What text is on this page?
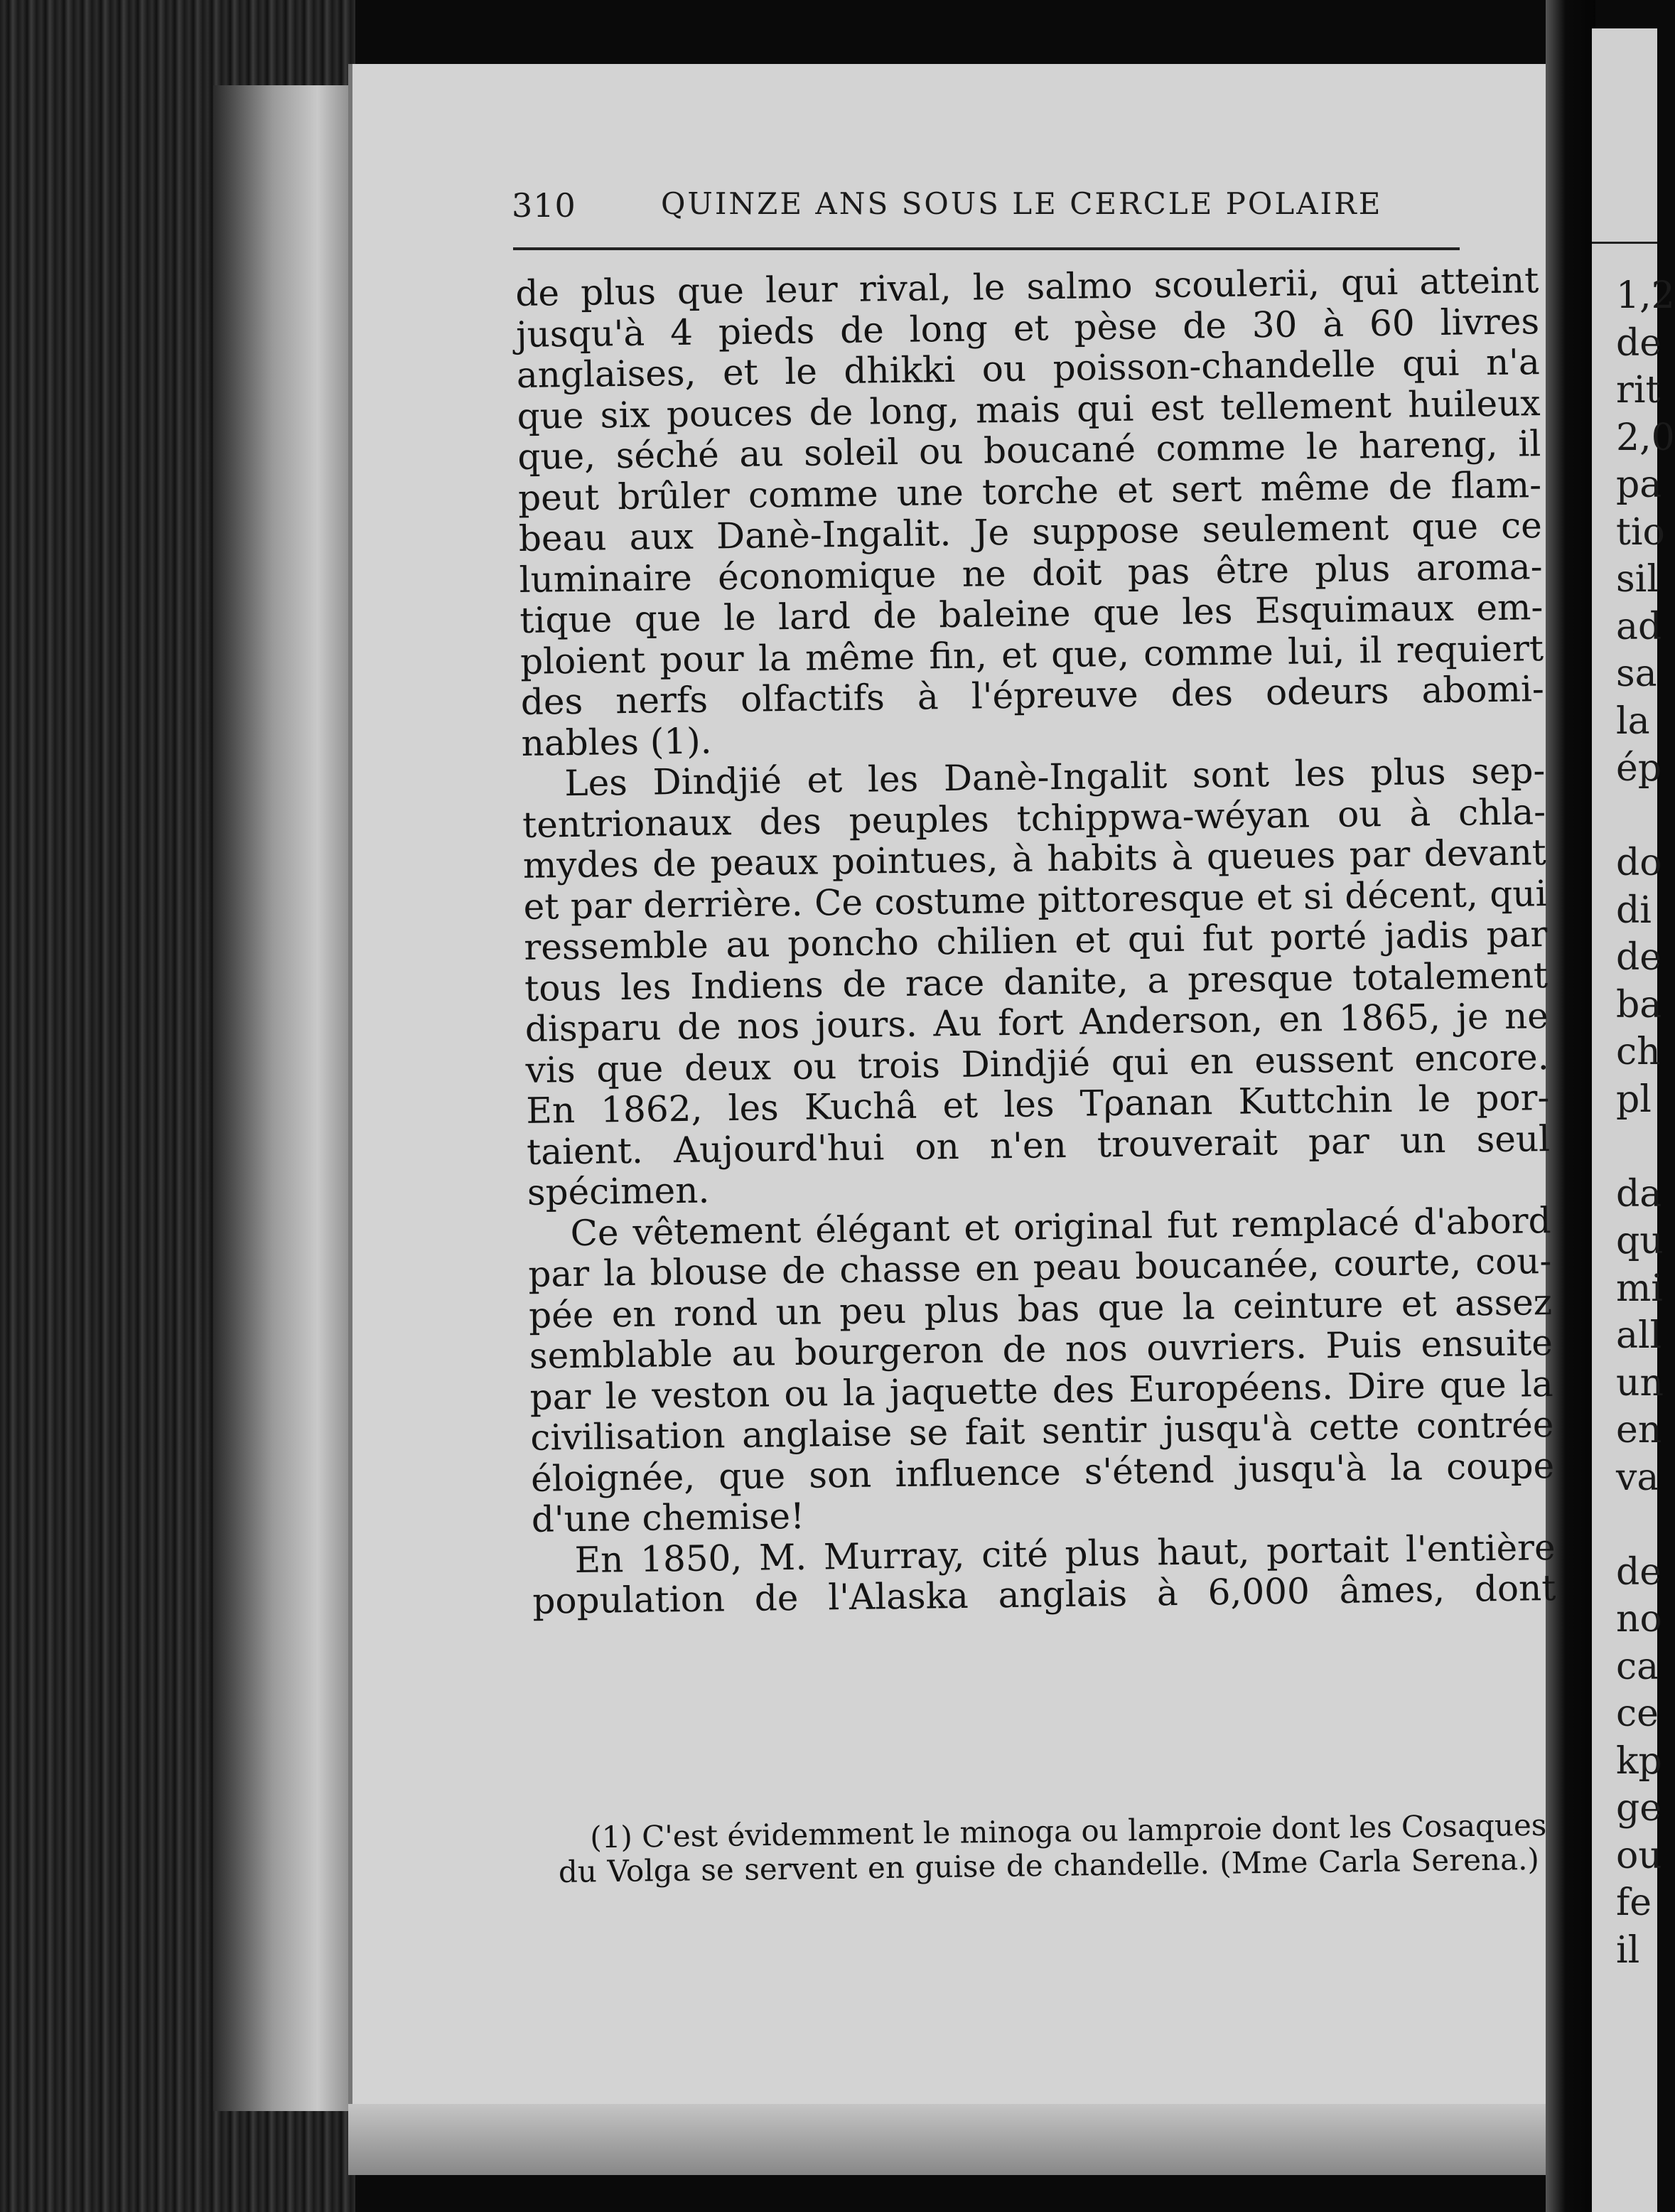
1,2
de
rit
2,0
pa
tio
sil
ad
sa
la
ép
do
di
de
ba
ch
pl
da
qu
mi
all
un
en
va
de
no
ca
ce
kp
ge
ou
fe
il
310	QUINZE ANS SOUS LE CERCLE POLAIRE
de plus que leur rival, le salmo scoulerii, qui atteint
jusqu'à 4 pieds de long et pèse de 30 à 60 livres
anglaises, et le dhikki ou poisson-chandelle qui n'a
que six pouces de long, mais qui est tellement huileux
que, séché au soleil ou boucané comme le hareng, il
peut brûler comme une torche et sert même de flam-
beau aux Danè-Ingalit. Je suppose seulement que ce
luminaire économique ne doit pas être plus aroma-
tique que le lard de baleine que les Esquimaux em-
ploient pour la même fin, et que, comme lui, il requiert
des nerfs olfactifs à l'épreuve des odeurs abomi-
nables (1).
Les Dindjié et les Danè-Ingalit sont les plus sep-
tentrionaux des peuples tchippwa-wéyan ou à chla-
mydes de peaux pointues, à habits à queues par devant
et par derrière. Ce costume pittoresque et si décent, qui
ressemble au poncho chilien et qui fut porté jadis par
tous les Indiens de race danite, a presque totalement
disparu de nos jours. Au fort Anderson, en 1865, je ne
vis que deux ou trois Dindjié qui en eussent encore.
En 1862, les Kuchâ et les Tρanan Kuttchin le por-
taient. Aujourd'hui on n'en trouverait par un seul
spécimen.
Ce vêtement élégant et original fut remplacé d'abord
par la blouse de chasse en peau boucanée, courte, cou-
pée en rond un peu plus bas que la ceinture et assez
semblable au bourgeron de nos ouvriers. Puis ensuite
par le veston ou la jaquette des Européens. Dire que la
civilisation anglaise se fait sentir jusqu'à cette contrée
éloignée, que son influence s'étend jusqu'à la coupe
d'une chemise!
En 1850, M. Murray, cité plus haut, portait l'entière
population de l'Alaska anglais à 6,000 âmes, dont
(1) C'est évidemment le minoga ou lamproie dont les Cosaques
du Volga se servent en guise de chandelle. (Mme Carla Serena.)
